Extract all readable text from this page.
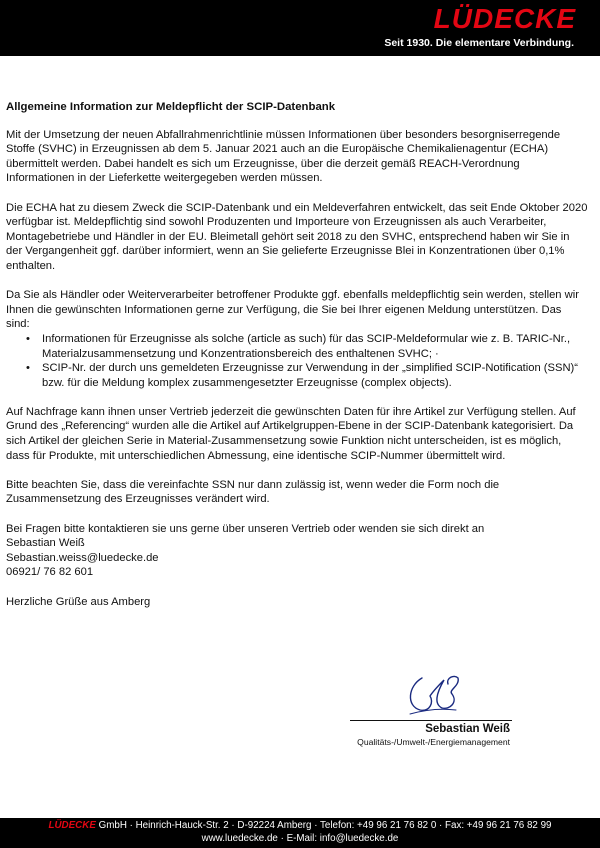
LÜDECKE
Seit 1930. Die elementare Verbindung.

Allgemeine Information zur Meldepflicht der SCIP-Datenbank

Mit der Umsetzung der neuen Abfallrahmenrichtlinie müssen Informationen über besonders besorgniserregende Stoffe (SVHC) in Erzeugnissen ab dem 5. Januar 2021 auch an die Europäische Chemikalienagentur (ECHA) übermittelt werden. Dabei handelt es sich um Erzeugnisse, über die derzeit gemäß REACH-Verordnung Informationen in der Lieferkette weitergegeben werden müssen.

Die ECHA hat zu diesem Zweck die SCIP-Datenbank und ein Meldeverfahren entwickelt, das seit Ende Oktober 2020 verfügbar ist. Meldepflichtig sind sowohl Produzenten und Importeure von Erzeugnissen als auch Verarbeiter, Montagebetriebe und Händler in der EU. Bleimetall gehört seit 2018 zu den SVHC, entsprechend haben wir Sie in der Vergangenheit ggf. darüber informiert, wenn an Sie gelieferte Erzeugnisse Blei in Konzentrationen über 0,1% enthalten.

Da Sie als Händler oder Weiterverarbeiter betroffener Produkte ggf. ebenfalls meldepflichtig sein werden, stellen wir Ihnen die gewünschten Informationen gerne zur Verfügung, die Sie bei Ihrer eigenen Meldung unterstützen. Das sind:

• Informationen für Erzeugnisse als solche (article as such) für das SCIP-Meldeformular wie z. B. TARIC-Nr., Materialzusammensetzung und Konzentrationsbereich des enthaltenen SVHC; ·
• SCIP-Nr. der durch uns gemeldeten Erzeugnisse zur Verwendung in der „simplified SCIP-Notification (SSN)“ bzw. für die Meldung komplex zusammengesetzter Erzeugnisse (complex objects).

Auf Nachfrage kann ihnen unser Vertrieb jederzeit die gewünschten Daten für ihre Artikel zur Verfügung stellen. Auf Grund des „Referencing“ wurden alle die Artikel auf Artikelgruppen-Ebene in der SCIP-Datenbank kategorisiert. Da sich Artikel der gleichen Serie in Material-Zusammensetzung sowie Funktion nicht unterscheiden, ist es möglich, dass für Produkte, mit unterschiedlichen Abmessung, eine identische SCIP-Nummer übermittelt wird.

Bitte beachten Sie, dass die vereinfachte SSN nur dann zulässig ist, wenn weder die Form noch die Zusammensetzung des Erzeugnisses verändert wird.

Bei Fragen bitte kontaktieren sie uns gerne über unseren Vertrieb oder wenden sie sich direkt an
Sebastian Weiß
Sebastian.weiss@luedecke.de
06921/ 76 82 601

Herzliche Grüße aus Amberg

Sebastian Weiß
Qualitäts-/Umwelt-/Energiemanagement
LÜDECKE GmbH · Heinrich-Hauck-Str. 2 · D-92224 Amberg · Telefon: +49 96 21 76 82 0 · Fax: +49 96 21 76 82 99
www.luedecke.de · E-Mail: info@luedecke.de
